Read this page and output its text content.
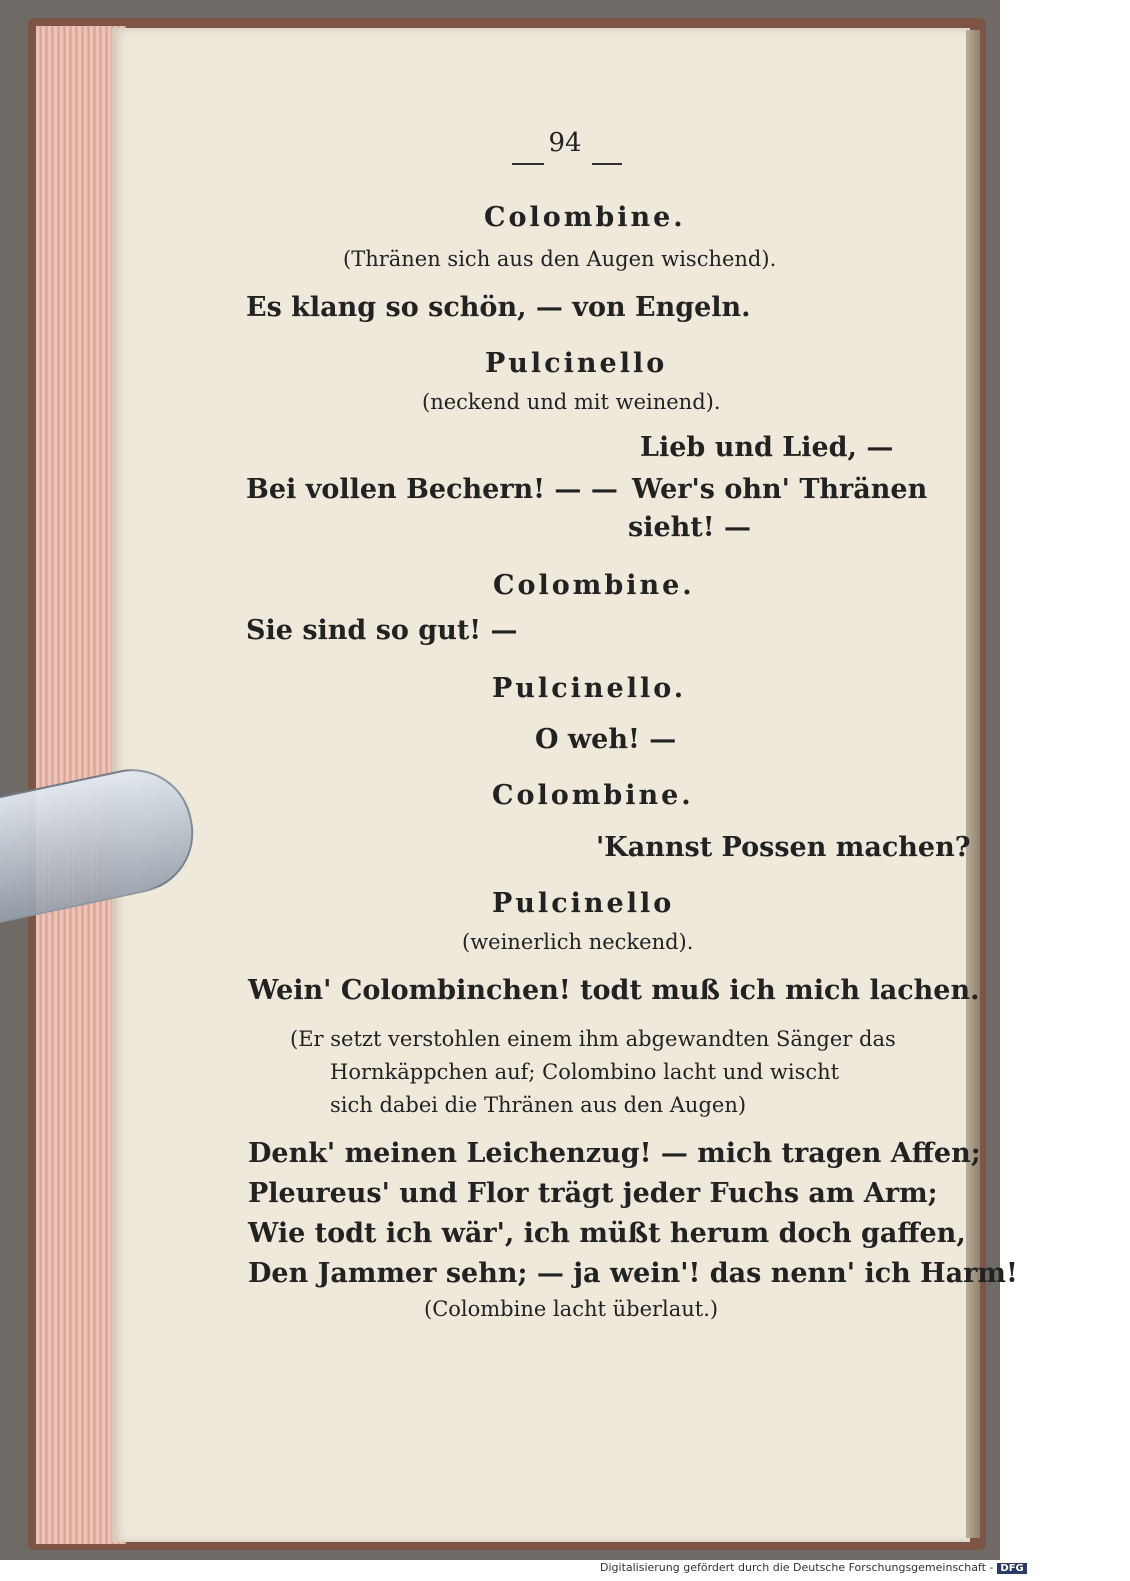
94
Colombine.
(Thränen sich aus den Augen wischend).
Es klang so schön, — von Engeln.
Pulcinello
(neckend und mit weinend).
Lieb und Lied, —
Bei vollen Bechern! — — Wer's ohn' Thränen
sieht! —
Colombine.
Sie sind so gut! —
Pulcinello.
O weh! —
Colombine.
'Kannst Possen machen?
Pulcinello
(weinerlich neckend).
Wein' Colombinchen! todt muß ich mich lachen.
(Er setzt verstohlen einem ihm abgewandten Sänger das
Hornkäppchen auf; Colombino lacht und wischt
sich dabei die Thränen aus den Augen)
Denk' meinen Leichenzug! — mich tragen Affen;
Pleureus' und Flor trägt jeder Fuchs am Arm;
Wie todt ich wär', ich müßt herum doch gaffen,
Den Jammer sehn; — ja wein'! das nenn' ich Harm!
(Colombine lacht überlaut.)
Digitalisierung gefördert durch die Deutsche Forschungsgemeinschaft - DFG
